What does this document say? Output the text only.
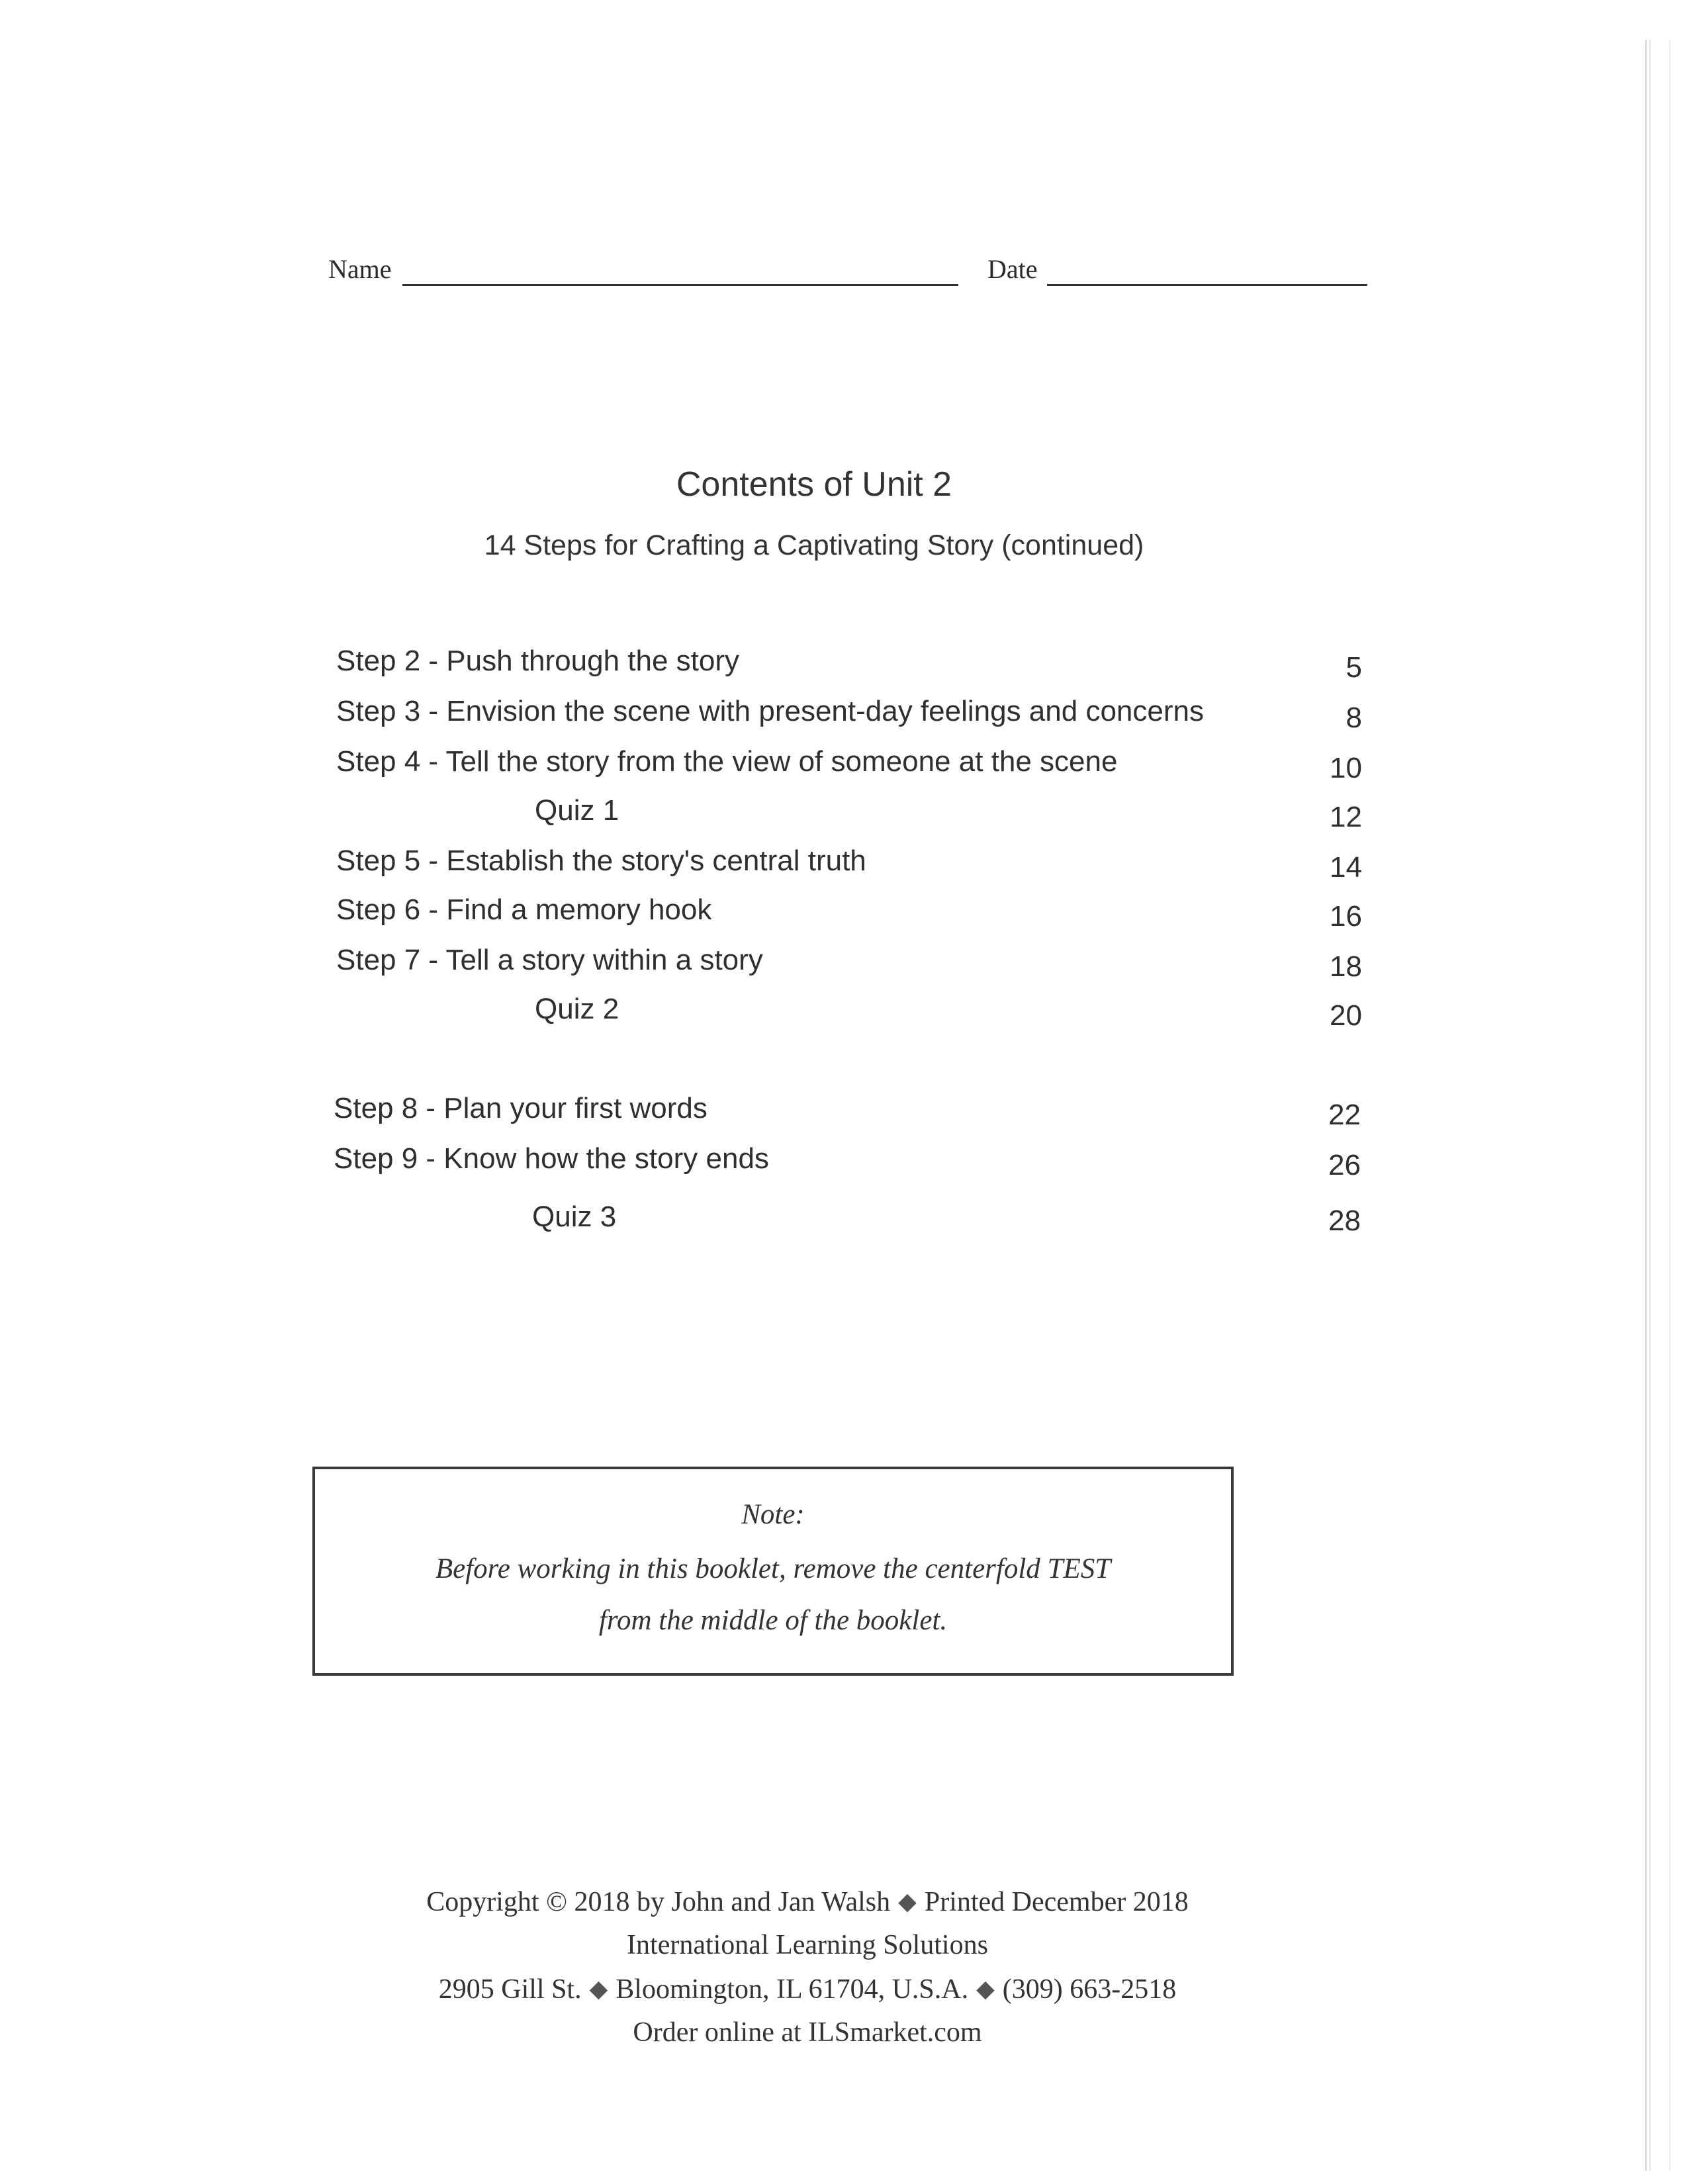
Name	Date
Contents of Unit 2
14 Steps for Crafting a Captivating Story (continued)
Step 2 - Push through the story	5
Step 3 - Envision the scene with present-day feelings and concerns	8
Step 4 - Tell the story from the view of someone at the scene	10
Quiz 1	12
Step 5 - Establish the story's central truth	14
Step 6 - Find a memory hook	16
Step 7 - Tell a story within a story	18
Quiz 2	20
Step 8 - Plan your first words	22
Step 9 - Know how the story ends	26
Quiz 3	28
Note:
Before working in this booklet, remove the centerfold TEST
from the middle of the booklet.
Copyright © 2018 by John and Jan Walsh ◆ Printed December 2018
International Learning Solutions
2905 Gill St. ◆ Bloomington, IL 61704, U.S.A. ◆ (309) 663-2518
Order online at ILSmarket.com
